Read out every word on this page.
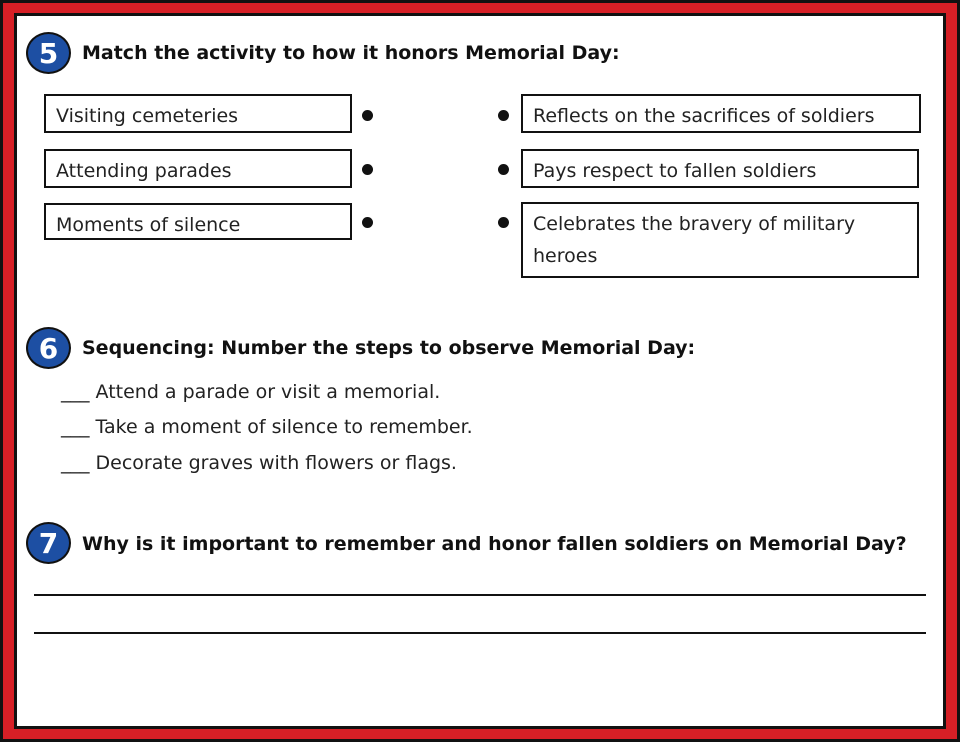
5	Match the activity to how it honors Memorial Day:
Visiting cemeteries
Attending parades
Moments of silence
Reflects on the sacrifices of soldiers
Pays respect to fallen soldiers
Celebrates the bravery of military heroes
6	Sequencing: Number the steps to observe Memorial Day:
___ Attend a parade or visit a memorial.
___ Take a moment of silence to remember.
___ Decorate graves with flowers or flags.
7	Why is it important to remember and honor fallen soldiers on Memorial Day?
